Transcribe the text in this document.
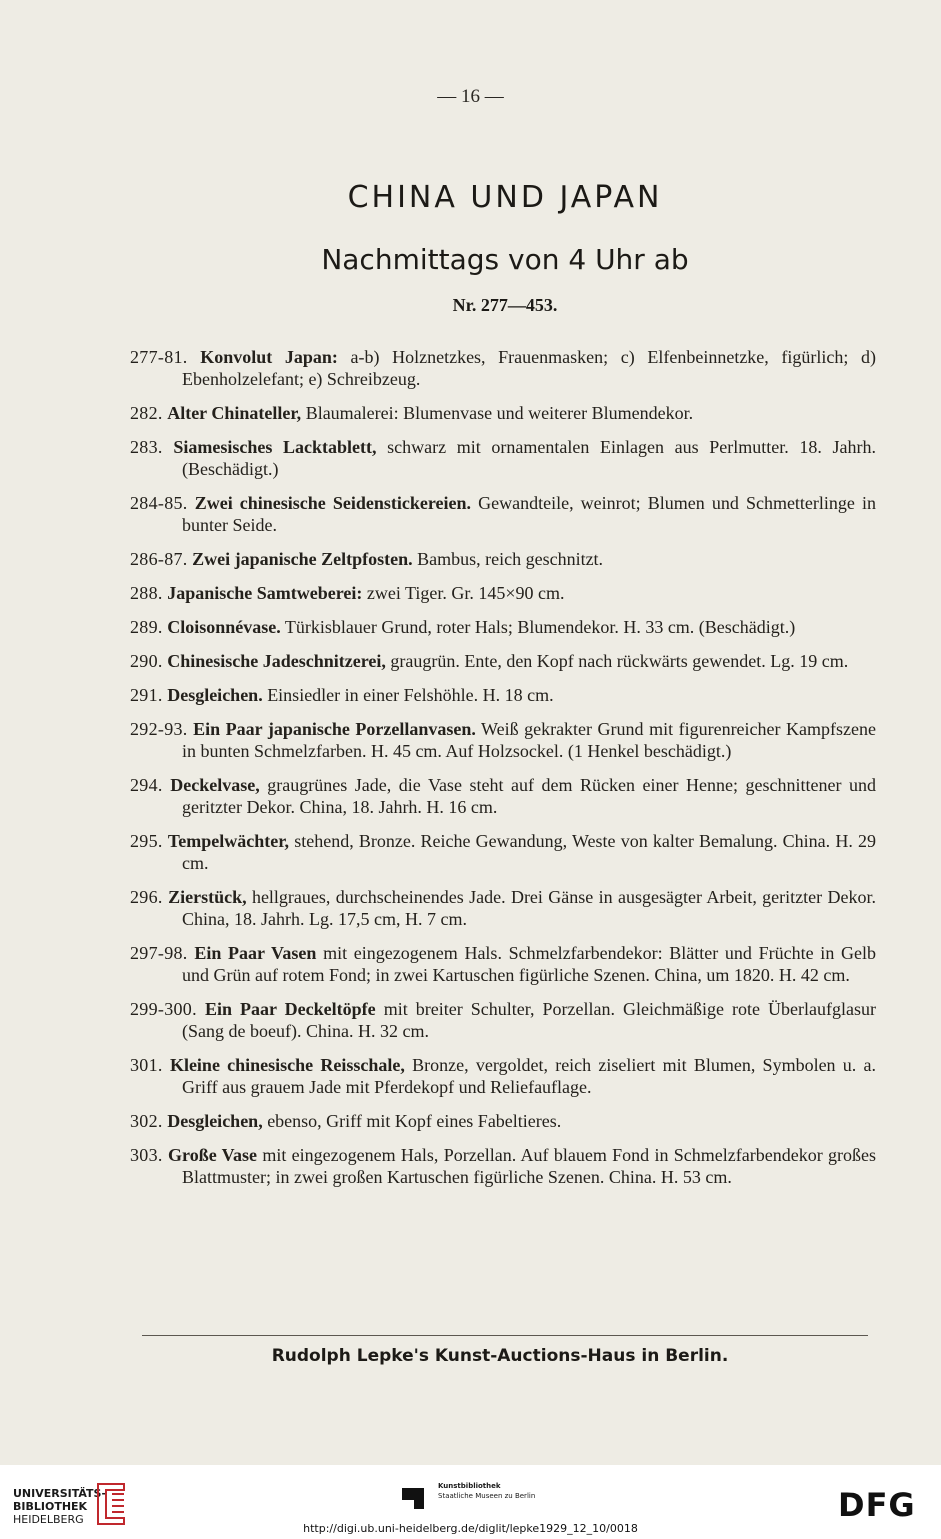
— 16 —
CHINA UND JAPAN
Nachmittags von 4 Uhr ab
Nr. 277—453.
277-81. Konvolut Japan: a-b) Holznetzkes, Frauenmasken; c) Elfenbeinnetzke, figürlich; d) Ebenholzelefant; e) Schreibzeug.
282. Alter Chinateller, Blaumalerei: Blumenvase und weiterer Blumendekor.
283. Siamesisches Lacktablett, schwarz mit ornamentalen Einlagen aus Perlmutter. 18. Jahrh. (Beschädigt.)
284-85. Zwei chinesische Seidenstickereien. Gewandteile, weinrot; Blumen und Schmetterlinge in bunter Seide.
286-87. Zwei japanische Zeltpfosten. Bambus, reich geschnitzt.
288. Japanische Samtweberei: zwei Tiger. Gr. 145×90 cm.
289. Cloisonnévase. Türkisblauer Grund, roter Hals; Blumendekor. H. 33 cm. (Beschädigt.)
290. Chinesische Jadeschnitzerei, graugrün. Ente, den Kopf nach rückwärts gewendet. Lg. 19 cm.
291. Desgleichen. Einsiedler in einer Felshöhle. H. 18 cm.
292-93. Ein Paar japanische Porzellanvasen. Weiß gekrakter Grund mit figurenreicher Kampfszene in bunten Schmelzfarben. H. 45 cm. Auf Holzsockel. (1 Henkel beschädigt.)
294. Deckelvase, graugrünes Jade, die Vase steht auf dem Rücken einer Henne; geschnittener und geritzter Dekor. China, 18. Jahrh. H. 16 cm.
295. Tempelwächter, stehend, Bronze. Reiche Gewandung, Weste von kalter Bemalung. China. H. 29 cm.
296. Zierstück, hellgraues, durchscheinendes Jade. Drei Gänse in ausgesägter Arbeit, geritzter Dekor. China, 18. Jahrh. Lg. 17,5 cm, H. 7 cm.
297-98. Ein Paar Vasen mit eingezogenem Hals. Schmelzfarbendekor: Blätter und Früchte in Gelb und Grün auf rotem Fond; in zwei Kartuschen figürliche Szenen. China, um 1820. H. 42 cm.
299-300. Ein Paar Deckeltöpfe mit breiter Schulter, Porzellan. Gleichmäßige rote Überlaufglasur (Sang de boeuf). China. H. 32 cm.
301. Kleine chinesische Reisschale, Bronze, vergoldet, reich ziseliert mit Blumen, Symbolen u. a. Griff aus grauem Jade mit Pferdekopf und Reliefauflage.
302. Desgleichen, ebenso, Griff mit Kopf eines Fabeltieres.
303. Große Vase mit eingezogenem Hals, Porzellan. Auf blauem Fond in Schmelzfarbendekor großes Blattmuster; in zwei großen Kartuschen figürliche Szenen. China. H. 53 cm.
Rudolph Lepke's Kunst-Auctions-Haus in Berlin.
UNIVERSITÄTS-
BIBLIOTHEK
HEIDELBERG
Kunstbibliothek
Staatliche Museen zu Berlin	DFG
http://digi.ub.uni-heidelberg.de/diglit/lepke1929_12_10/0018
